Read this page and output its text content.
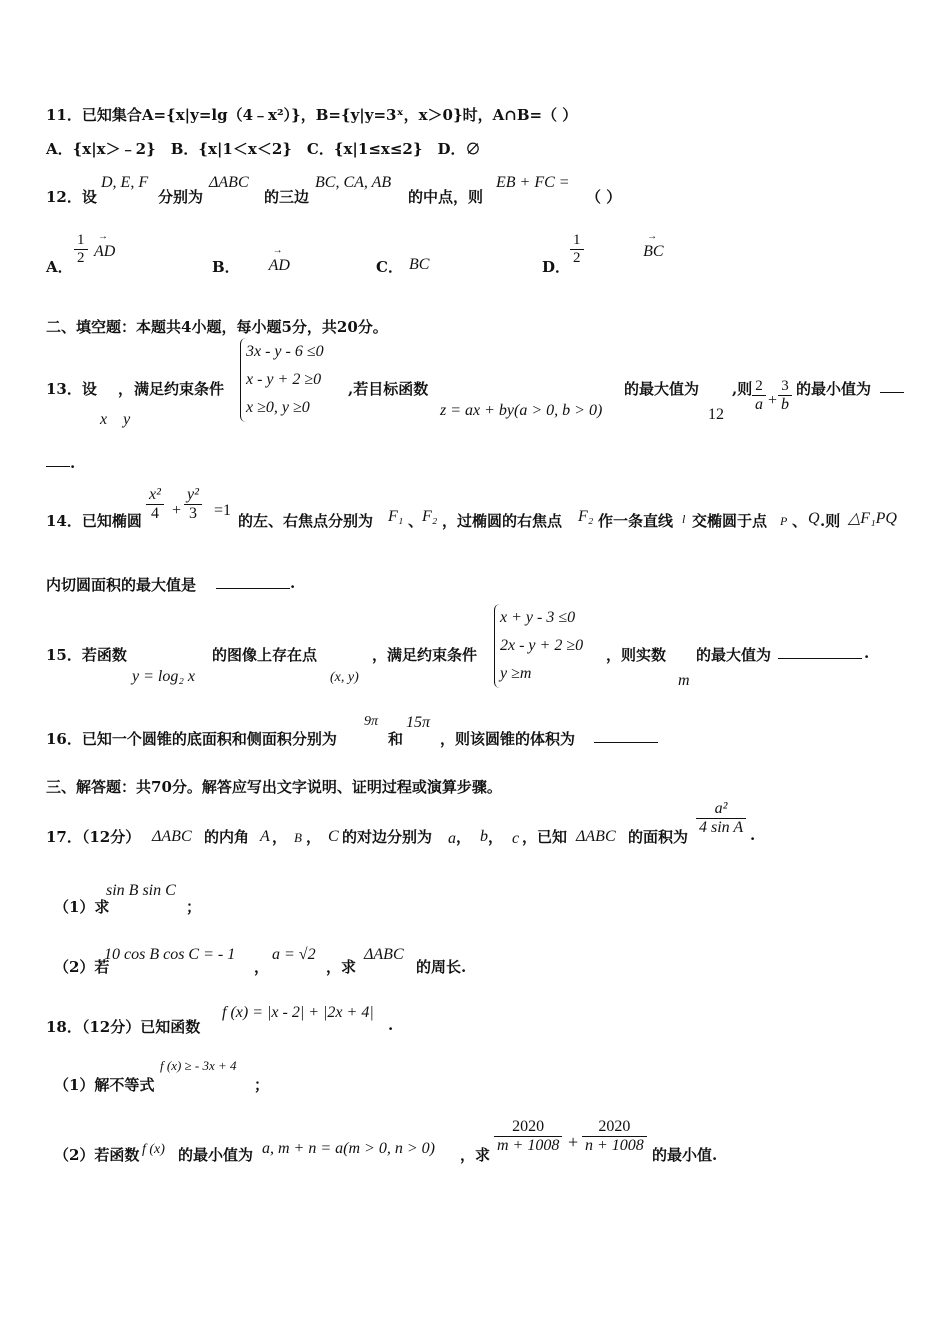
11．已知集合A={x|y=lg（4﹣x²）}，B={y|y=3ˣ，x＞0}时，A∩B=（ ）
A．{x|x＞﹣2}　B．{x|1＜x＜2}　C．{x|1≤x≤2}　D．∅
12．设
D, E, F
分别为
ΔABC
的三边
BC, CA, AB
的中点，则
EB + FC =
（ ）
A． $\frac{1}{2}$ → AD
B． → AD	C． BC	D． $\frac{1}{2}$	→ BC
二、填空题：本题共4小题，每小题5分，共20分。
13．设 ，
x　y
满足约束条件
3x - y - 6 ≤0
x - y + 2 ≥0
x ≥0, y ≥0
,若目标函数
z = ax + by(a > 0, b > 0)
的最大值为
12
,则 $\frac{2}{a} + \frac{3}{b}$ 的最小值为
.
14．已知椭圆 $\frac{\text{x²}}{4} + \frac{\text{y²}}{3} =1$
的左、右焦点分别为 F₁ 、
F₂ ，过椭圆的右焦点 F₂ 作一条直线 l 交椭圆于点 P 、 Q .则 △F₁PQ
内切圆面积的最大值是	.
15．若函数
y = log₂ x
的图像上存在点
(x, y)
，满足约束条件
x + y - 3 ≤0
2x - y + 2 ≥0
y ≥m
，则实数
m
的最大值为	.
16．已知一个圆锥的底面积和侧面积分别为
9π
和
15π
，则该圆锥的体积为
三、解答题：共70分。解答应写出文字说明、证明过程或演算步骤。
17．（12分） ΔABC 的内角 A ， B ， C 的对边分别为 a ， b ， c ，已知 ΔABC 的面积为 $\frac{\text{a²}}{\text{4 sin A}}$ .
（1）求
sin B sin C
；
（2）若
10 cos B cos C = - 1
，
a = √2
，求
ΔABC
的周长.
18．（12分）已知函数
f (x) = |x - 2| + |2x + 4|
.
（1）解不等式
f (x) ≥ - 3x + 4
；
（2）若函数 f (x) 的最小值为 a, m + n = a(m > 0, n > 0) ，求 $\frac{2020}{m + 1008} + \frac{2020}{n + 1008}$ 的最小值.
